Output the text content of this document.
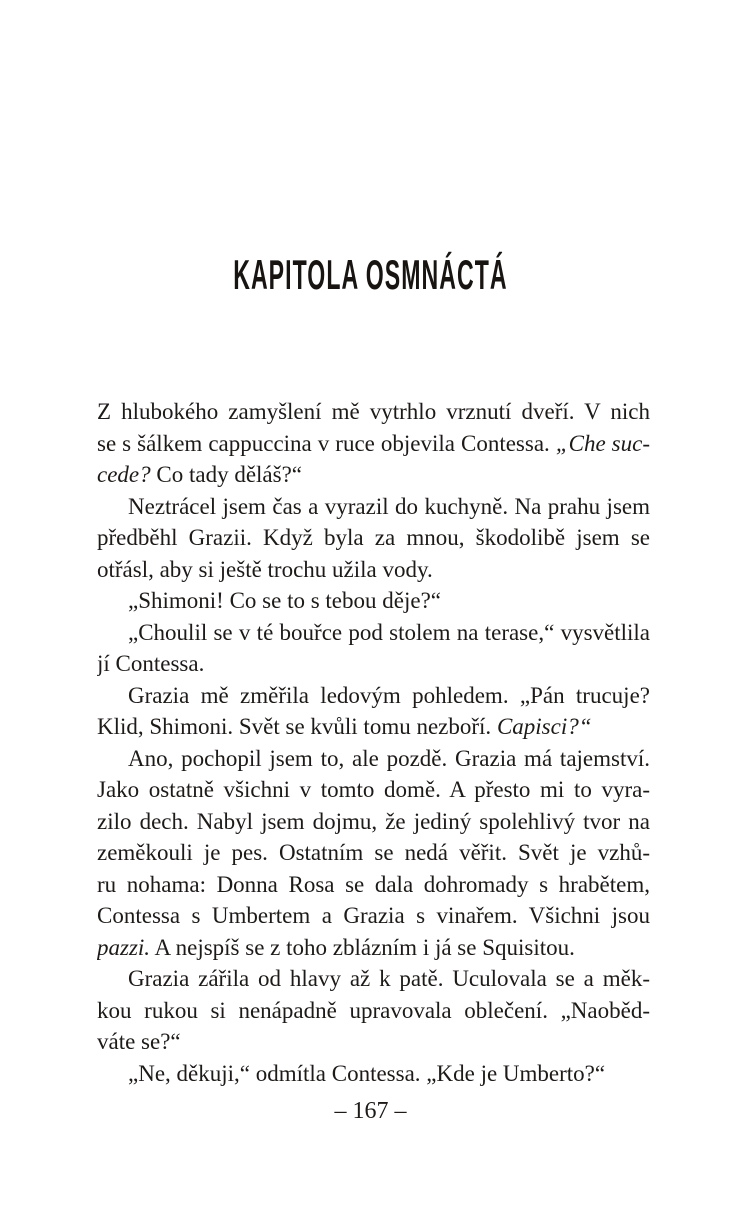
KAPITOLA OSMNÁCTÁ
Z hlubokého zamyšlení mě vytrhlo vrznutí dveří. V nich
se s šálkem cappuccina v ruce objevila Contessa. „Che suc-
cede? Co tady děláš?“
Neztrácel jsem čas a vyrazil do kuchyně. Na prahu jsem
předběhl Grazii. Když byla za mnou, škodolibě jsem se
otřásl, aby si ještě trochu užila vody.
„Shimoni! Co se to s tebou děje?“
„Choulil se v té bouřce pod stolem na terase,“ vysvětlila
jí Contessa.
Grazia mě změřila ledovým pohledem. „Pán trucuje?
Klid, Shimoni. Svět se kvůli tomu nezboří. Capisci?“
Ano, pochopil jsem to, ale pozdě. Grazia má tajemství.
Jako ostatně všichni v tomto domě. A přesto mi to vyra-
zilo dech. Nabyl jsem dojmu, že jediný spolehlivý tvor na
zeměkouli je pes. Ostatním se nedá věřit. Svět je vzhů-
ru nohama: Donna Rosa se dala dohromady s hrabětem,
Contessa s Umbertem a Grazia s vinařem. Všichni jsou
pazzi. A nejspíš se z toho zblázním i já se Squisitou.
Grazia zářila od hlavy až k patě. Uculovala se a měk-
kou rukou si nenápadně upravovala oblečení. „Naoběd-
váte se?“
„Ne, děkuji,“ odmítla Contessa. „Kde je Umberto?“
– 167 –
